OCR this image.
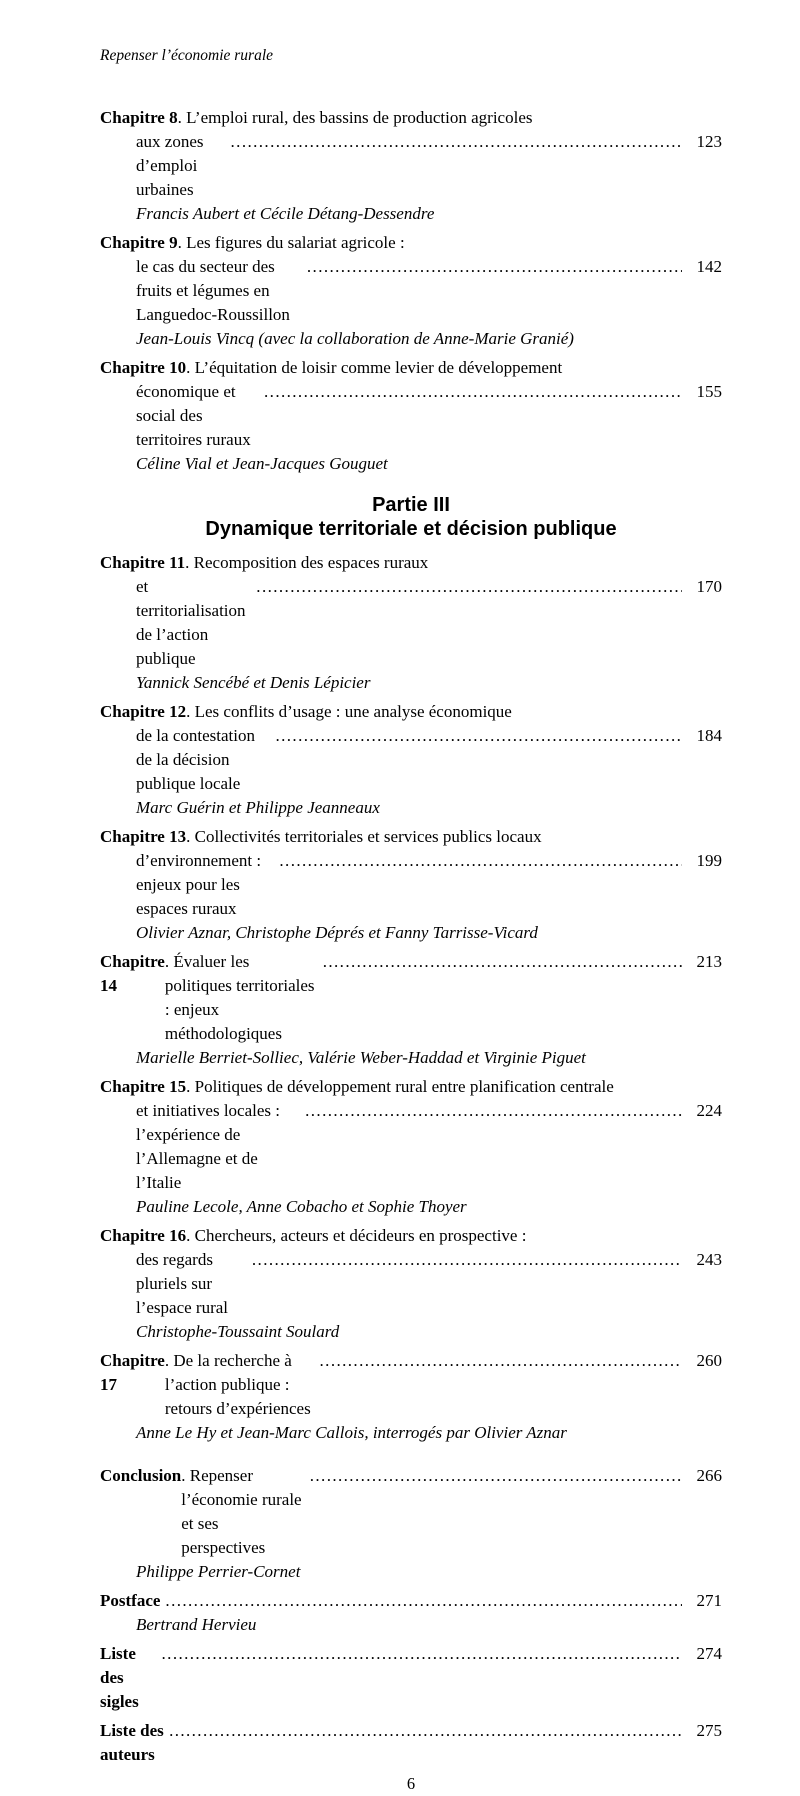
Repenser l’économie rurale
Chapitre 8 . L’emploi rural, des bassins de production agricoles
aux zones d’emploi urbaines
.....
123
Francis Aubert et Cécile Détang-Dessendre
Chapitre 9 . Les figures du salariat agricole :
le cas du secteur des fruits et légumes en Languedoc-Roussillon
.....
142
Jean-Louis Vincq (avec la collaboration de Anne-Marie Granié)
Chapitre 10 . L’équitation de loisir comme levier de développement
économique et social des territoires ruraux
.....
155
Céline Vial et Jean-Jacques Gouguet
Partie III
Dynamique territoriale et décision publique
Chapitre 11 . Recomposition des espaces ruraux
et territorialisation de l’action publique
.....
170
Yannick Sencébé et Denis Lépicier
Chapitre 12 . Les conflits d’usage : une analyse économique
de la contestation de la décision publique locale
.....
184
Marc Guérin et Philippe Jeanneaux
Chapitre 13 . Collectivités territoriales et services publics locaux
d’environnement : enjeux pour les espaces ruraux
.....
199
Olivier Aznar, Christophe Déprés et Fanny Tarrisse-Vicard
Chapitre 14
. Évaluer les politiques territoriales : enjeux méthodologiques
.....
213
Marielle Berriet-Solliec, Valérie Weber-Haddad et Virginie Piguet
Chapitre 15 . Politiques de développement rural entre planification centrale
et initiatives locales : l’expérience de l’Allemagne et de l’Italie
.....
224
Pauline Lecole, Anne Cobacho et Sophie Thoyer
Chapitre 16 . Chercheurs, acteurs et décideurs en prospective :
des regards pluriels sur l’espace rural
.....
243
Christophe-Toussaint Soulard
Chapitre 17
. De la recherche à l’action publique : retours d’expériences
.....
260
Anne Le Hy et Jean-Marc Callois, interrogés par Olivier Aznar
Conclusion . Repenser l’économie rurale et ses perspectives
.....
266
Philippe Perrier-Cornet
Postface .....	271
Bertrand Hervieu
Liste des sigles
.....
274
Liste des auteurs
.....
275
6
